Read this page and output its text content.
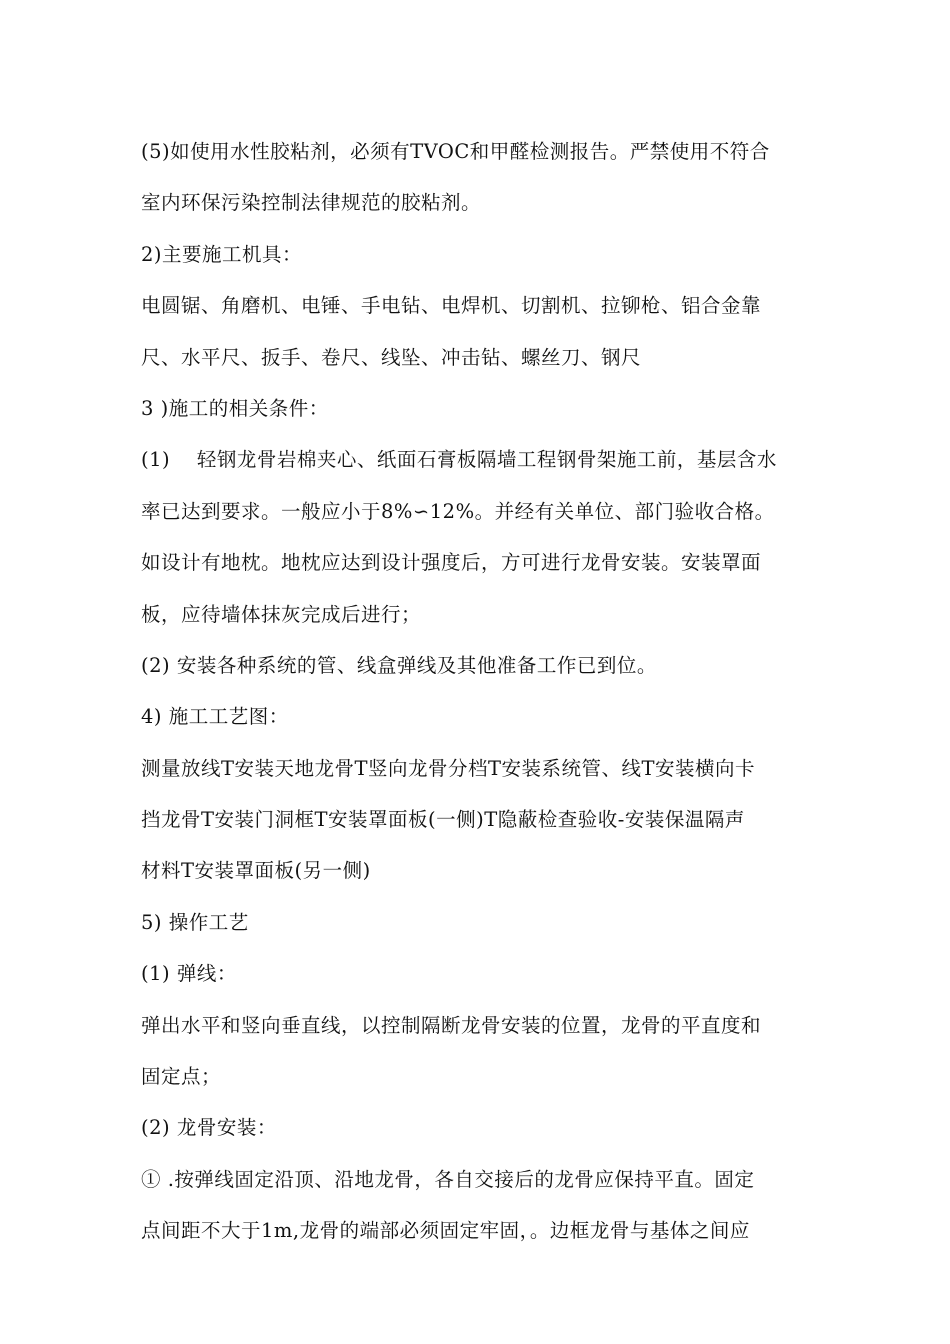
(5)如使用水性胶粘剂，必须有TVOC和甲醛检测报告。严禁使用不符合

室内环保污染控制法律规范的胶粘剂。

2)主要施工机具：

电圆锯、角磨机、电锤、手电钻、电焊机、切割机、拉铆枪、铝合金靠

尺、水平尺、扳手、卷尺、线坠、冲击钻、螺丝刀、钢尺

3 )施工的相关条件：

(1)　 轻钢龙骨岩棉夹心、纸面石膏板隔墙工程钢骨架施工前，基层含水

率已达到要求。一般应小于8%∽12%。并经有关单位、部门验收合格。

如设计有地枕。地枕应达到设计强度后，方可进行龙骨安装。安装罩面

板，应待墙体抹灰完成后进行；

(2) 安装各种系统的管、线盒弹线及其他准备工作已到位。

4) 施工工艺图：

测量放线T安装天地龙骨T竖向龙骨分档T安装系统管、线T安装横向卡

挡龙骨T安装门洞框T安装罩面板(一侧)T隐蔽检查验收-安装保温隔声

材料T安装罩面板(另一侧)

5) 操作工艺

(1) 弹线：

弹出水平和竖向垂直线，以控制隔断龙骨安装的位置，龙骨的平直度和

固定点；

(2) 龙骨安装：

① .按弹线固定沿顶、沿地龙骨，各自交接后的龙骨应保持平直。固定

点间距不大于1m,龙骨的端部必须固定牢固，。边框龙骨与基体之间应
